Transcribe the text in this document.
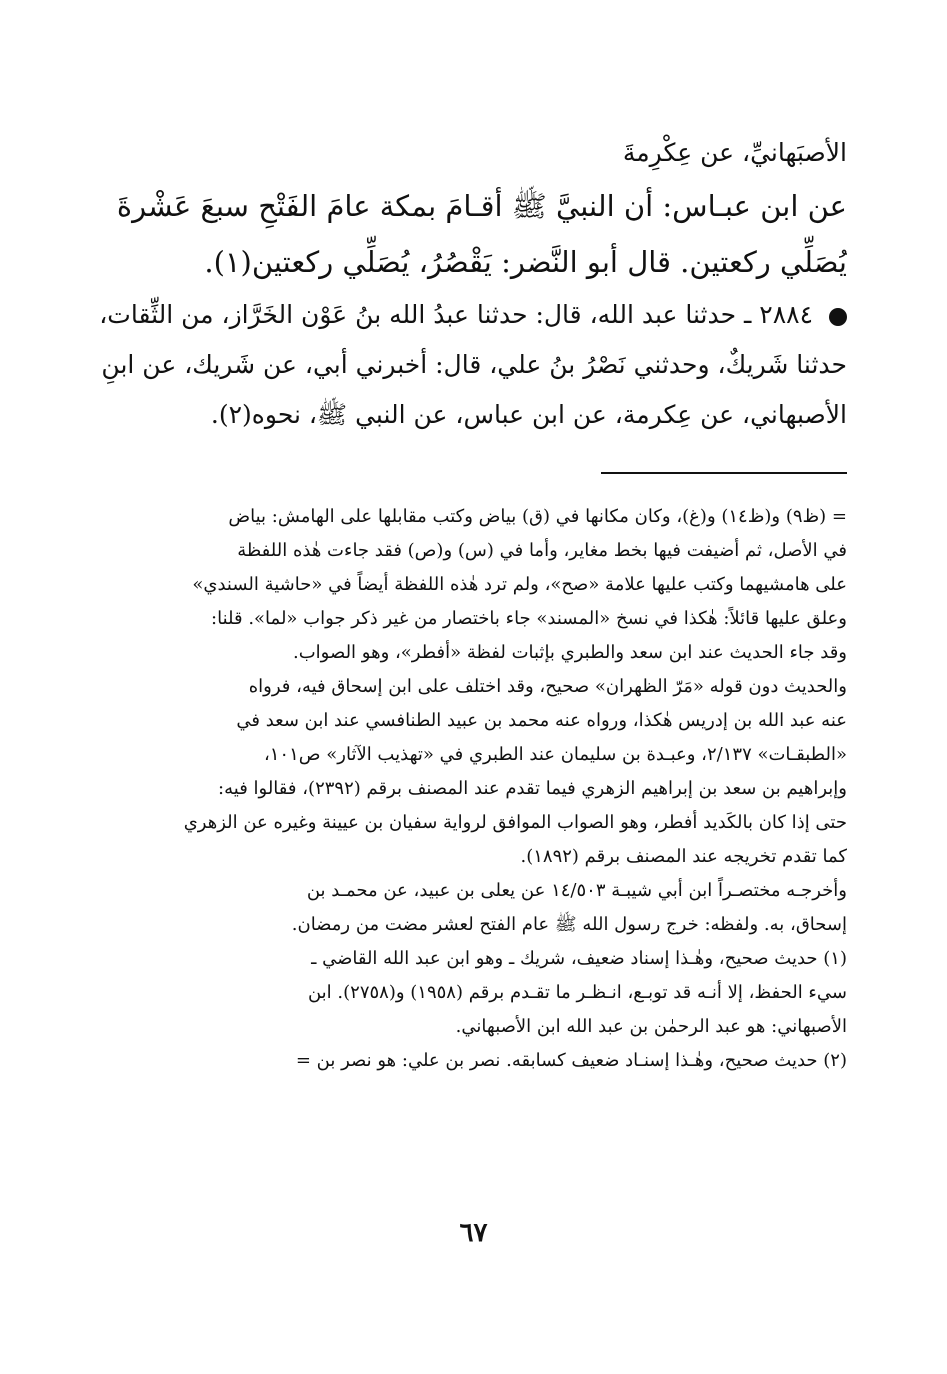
الأصبَهانيِّ، عن عِكْرِمةَ
عن ابن عبـاس: أن النبيَّ ﷺ أقـامَ بمكة عامَ الفَتْحِ سبعَ عَشْرةَ
يُصَلِّي ركعتين. قال أبو النَّضر: يَقْصُرُ، يُصَلِّي ركعتين(١).
٢٨٨٤ ـ حدثنا عبد الله، قال: حدثنا عبدُ الله بنُ عَوْن الخَرَّاز، من الثِّقات،
حدثنا شَريكٌ، وحدثني نَصْرُ بنُ علي، قال: أخبرني أبي، عن شَريك، عن ابنِ
الأصبهاني، عن عِكرمة، عن ابن عباس، عن النبي ﷺ، نحوه(٢).
= (ظ٩) و(ظ١٤) و(غ)، وكان مكانها في (ق) بياض وكتب مقابلها على الهامش: بياض
في الأصل، ثم أضيفت فيها بخط مغاير، وأما في (س) و(ص) فقد جاءت هٰذه اللفظة
على هامشيهما وكتب عليها علامة «صح»، ولم ترد هٰذه اللفظة أيضاً في «حاشية السندي»
وعلق عليها قائلاً: هٰكذا في نسخ «المسند» جاء باختصار من غير ذكر جواب «لما». قلنا:
وقد جاء الحديث عند ابن سعد والطبري بإثبات لفظة «أفطر»، وهو الصواب.
والحديث دون قوله «مَرّ الظهران» صحيح، وقد اختلف على ابن إسحاق فيه، فرواه
عنه عبد الله بن إدريس هٰكذا، ورواه عنه محمد بن عبيد الطنافسي عند ابن سعد في
«الطبقـات» ٢/١٣٧، وعبـدة بن سليمان عند الطبري في «تهذيب الآثار» ص١٠١،
وإبراهيم بن سعد بن إبراهيم الزهري فيما تقدم عند المصنف برقم (٢٣٩٢)، فقالوا فيه:
حتى إذا كان بالكَديد أفطر، وهو الصواب الموافق لرواية سفيان بن عيينة وغيره عن الزهري
كما تقدم تخريجه عند المصنف برقم (١٨٩٢).
وأخرجـه مختصـراً ابن أبي شيبـة ١٤/٥٠٣ عن يعلى بن عبيد، عن محمـد بن
إسحاق، به. ولفظه: خرج رسول الله ﷺ عام الفتح لعشر مضت من رمضان.
(١) حديث صحيح، وهٰـذا إسناد ضعيف، شريك ـ وهو ابن عبد الله القاضي ـ
سيء الحفظ، إلا أنـه قد توبـع، انـظـر ما تقـدم برقم (١٩٥٨) و(٢٧٥٨). ابن
الأصبهاني: هو عبد الرحمٰن بن عبد الله ابن الأصبهاني.
(٢) حديث صحيح، وهٰـذا إسنـاد ضعيف كسابقه. نصر بن علي: هو نصر بن =
٦٧
